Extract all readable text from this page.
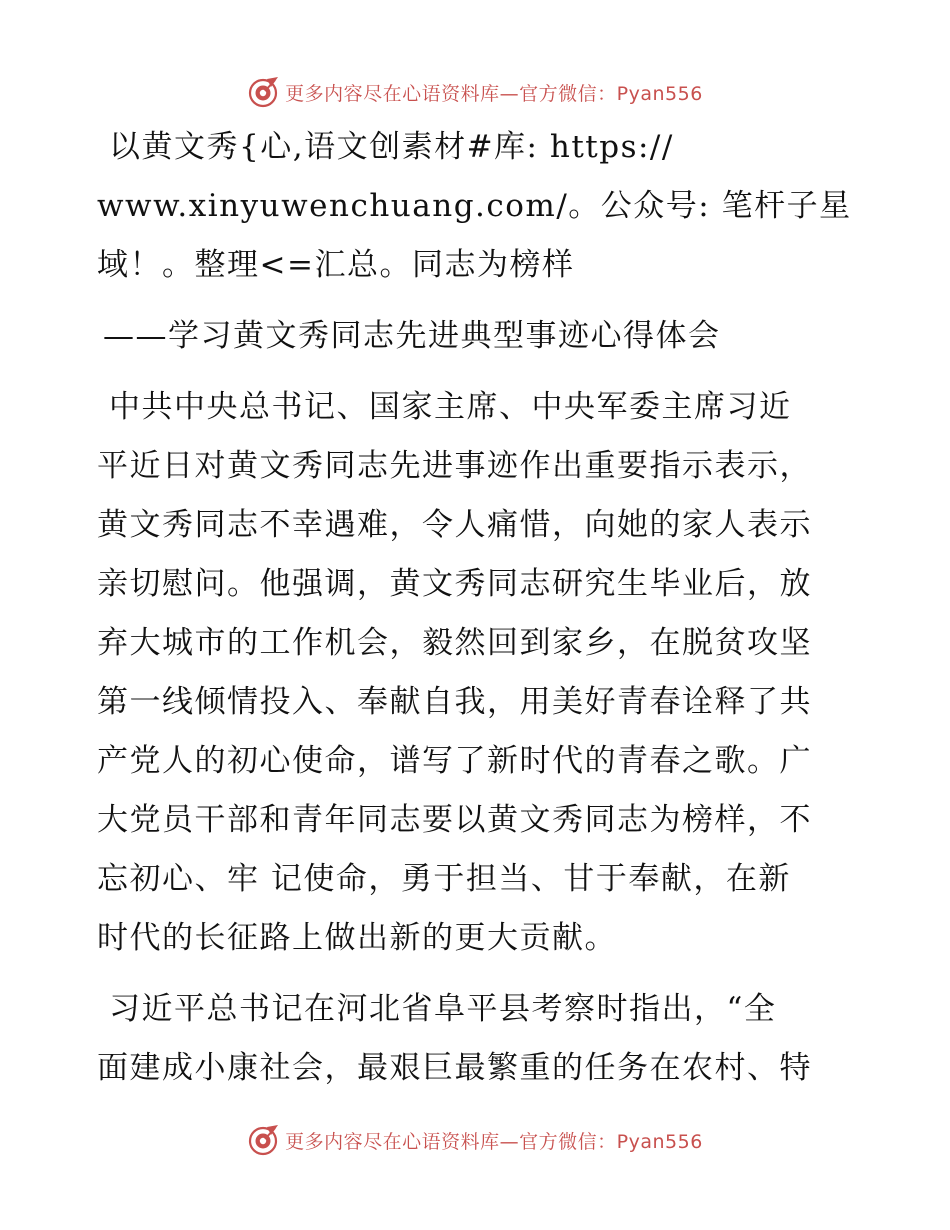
更多内容尽在心语资料库—官方微信：Pyan556
以黄文秀{心,语文创素材#库: https://
www.xinyuwenchuang.com/。公众号: 笔杆子星
域！。整理<=汇总。同志为榜样
——学习黄文秀同志先进典型事迹心得体会
中共中央总书记、国家主席、中央军委主席习近
平近日对黄文秀同志先进事迹作出重要指示表示，
黄文秀同志不幸遇难，令人痛惜，向她的家人表示
亲切慰问。他强调，黄文秀同志研究生毕业后，放
弃大城市的工作机会，毅然回到家乡，在脱贫攻坚
第一线倾情投入、奉献自我，用美好青春诠释了共
产党人的初心使命，谱写了新时代的青春之歌。广
大党员干部和青年同志要以黄文秀同志为榜样，不
忘初心、牢 记使命，勇于担当、甘于奉献，在新
时代的长征路上做出新的更大贡献。
习近平总书记在河北省阜平县考察时指出，“全
面建成小康社会，最艰巨最繁重的任务在农村、特
更多内容尽在心语资料库—官方微信：Pyan556
